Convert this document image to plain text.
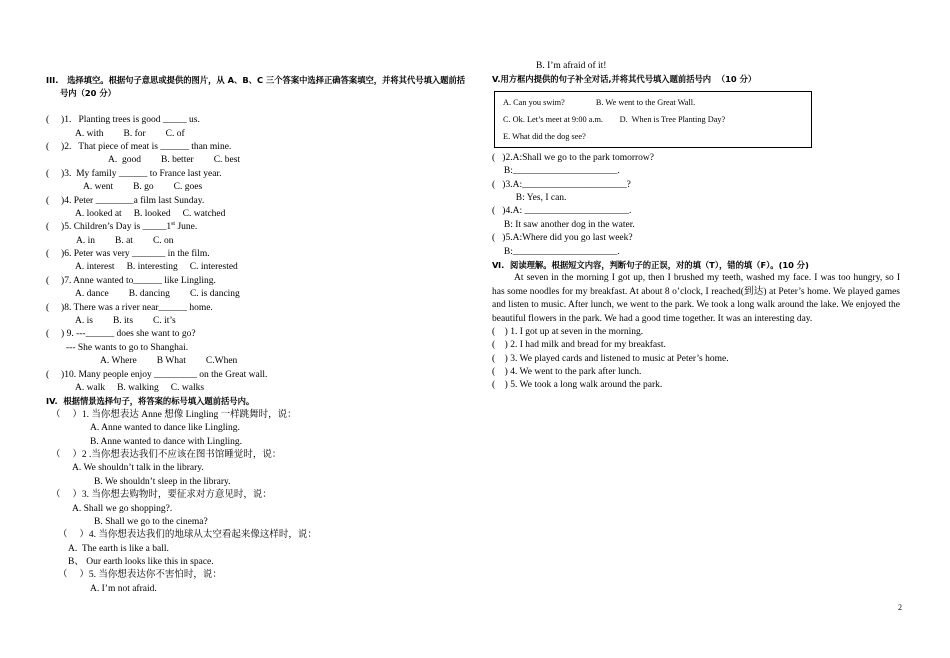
III.   选择填空。根据句子意思或提供的图片，从 A、B、C 三个答案中选择正确答案填空，并将其代号填入题前括
号内（20 分）
(     )1.   Planting trees is good _____ us.
A. with B. for C. of
(     )2.   That piece of meat is ______ than mine.
A.  good B. better C. best
(     )3.  My family ______ to France last year.
A. went B. go C. goes
(     )4. Peter ________a film last Sunday.
A. looked at B. looked C. watched
(     )5. Children’s Day is _____1st June.
A. in B. at C. on
(     )6. Peter was very _______ in the film.
A. interest B. interesting C. interested
(     )7. Anne wanted to______ like Lingling.
A. dance B. dancing C. is dancing
(     )8. There was a river near______ home.
A. is B. its C. it’s
(     ) 9. ---______ does she want to go?
--- She wants to go to Shanghai.
A. Where B What C.When
(     )10. Many people enjoy _________ on the Great wall.
A. walk B. walking C. walks
IV.  根据情景选择句子，将答案的标号填入题前括号内。
（     ）1. 当你想表达 Anne 想像 Lingling 一样跳舞时，说：
A. Anne wanted to dance like Lingling.
B. Anne wanted to dance with Lingling.
（     ）2 .当你想表达我们不应该在图书馆睡觉时，说：
A. We shouldn’t talk in the library.
B. We shouldn’t sleep in the library.
（     ）3. 当你想去购物时，要征求对方意见时，说：
A. Shall we go shopping?.
B. Shall we go to the cinema?
（     ）4. 当你想表达我们的地球从太空看起来像这样时，说：
A.  The earth is like a ball.
B、 Our earth looks like this in space.
（     ）5. 当你想表达你不害怕时，说：
A. I’m not afraid.
B. I’m afraid of it!
V.用方框内提供的句子补全对话,并将其代号填入题前括号内  （10 分）
A. Can you swim?	B. We went to the Great Wall.
C. Ok. Let’s meet at 9:00 a.m. D.  When is Tree Planting Day?
E. What did the dog see?
(   )2.A:Shall we go to the park tomorrow?
B:______________________.
(   )3.A:______________________?
B: Yes, I can.
(   )4.A: ______________________.
B: It saw another dog in the water.
(   )5.A:Where did you go last week?
B:______________________.
Ⅵ.  阅读理解。根据短文内容，判断句子的正误，对的填（T），错的填（F）。(10 分)
At seven in the morning I got up, then I brushed my teeth, washed my face. I was too hungry, so I has some noodles for my breakfast. At about 8 o’clock, I reached(到达) at Peter’s home. We played games and listen to music. After lunch, we went to the park. We took a long walk around the lake. We enjoyed the beautiful flowers in the park. We had a good time together. It was an interesting day.
(    ) 1. I got up at seven in the morning.
(    ) 2. I had milk and bread for my breakfast.
(    ) 3. We played cards and listened to music at Peter’s home.
(    ) 4. We went to the park after lunch.
(    ) 5. We took a long walk around the park.
2
